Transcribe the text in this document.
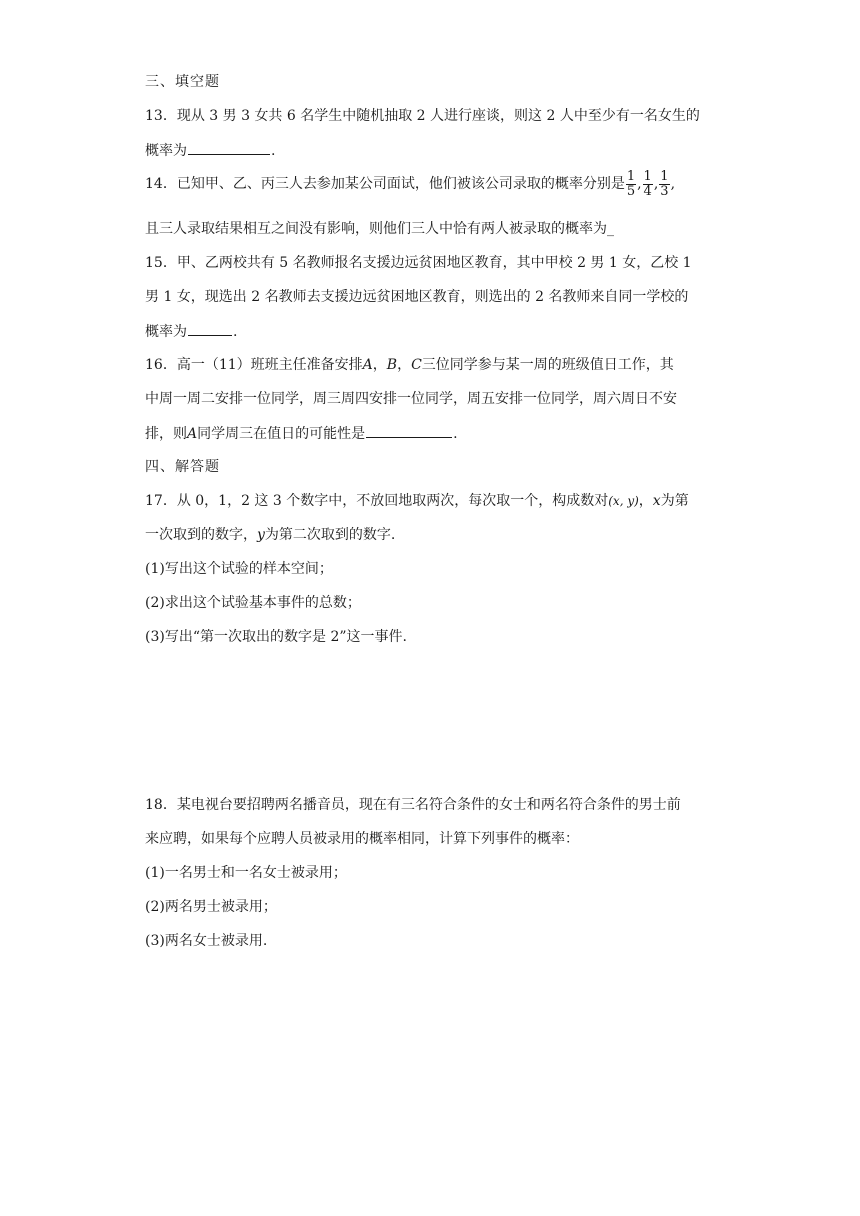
三、填空题
13．现从 3 男 3 女共 6 名学生中随机抽取 2 人进行座谈，则这 2 人中至少有一名女生的
概率为	.
14．已知甲、乙、丙三人去参加某公司面试，他们被该公司录取的概率分别是 $\frac{1}{5}$ , $\frac{1}{4}$ , $\frac{1}{3}$ ,
且三人录取结果相互之间没有影响，则他们三人中恰有两人被录取的概率为_
15．甲、乙两校共有 5 名教师报名支援边远贫困地区教育，其中甲校 2 男 1 女，乙校 1
男 1 女，现选出 2 名教师去支援边远贫困地区教育，则选出的 2 名教师来自同一学校的
概率为	.
16．高一（11）班班主任准备安排A，B，C三位同学参与某一周的班级值日工作，其
中周一周二安排一位同学，周三周四安排一位同学，周五安排一位同学，周六周日不安
排，则A同学周三在值日的可能性是	.
四、解答题
17．从 0，1，2 这 3 个数字中，不放回地取两次，每次取一个，构成数对(x, y)，x为第
一次取到的数字，y为第二次取到的数字.
(1)写出这个试验的样本空间；
(2)求出这个试验基本事件的总数；
(3)写出“第一次取出的数字是 2”这一事件.
18．某电视台要招聘两名播音员，现在有三名符合条件的女士和两名符合条件的男士前
来应聘，如果每个应聘人员被录用的概率相同，计算下列事件的概率：
(1)一名男士和一名女士被录用；
(2)两名男士被录用；
(3)两名女士被录用.
